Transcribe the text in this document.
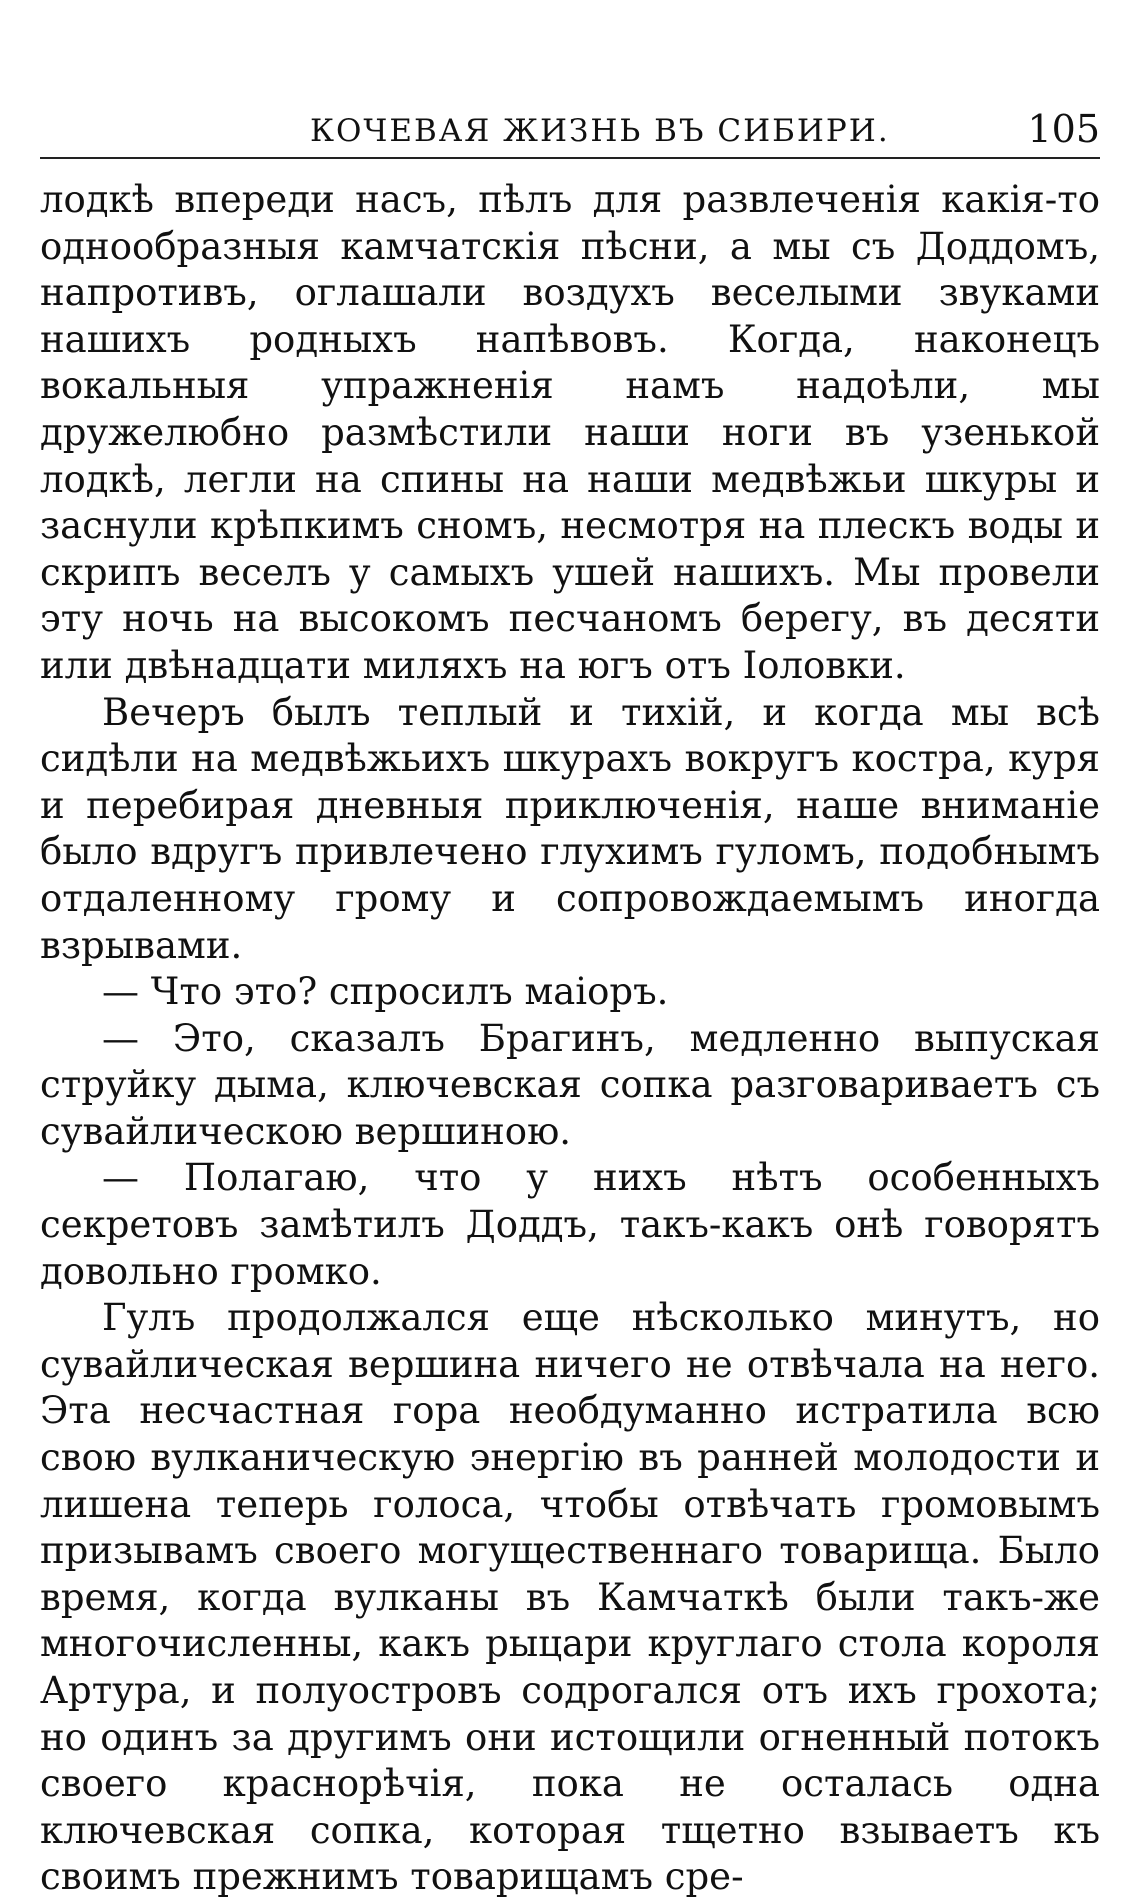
КОЧЕВАЯ ЖИЗНЬ ВЪ СИБИРИ.	105

лодкѣ впереди насъ, пѣлъ для развлеченія какія-то однообразныя камчатскія пѣсни, а мы съ Доддомъ, напротивъ, оглашали воздухъ веселыми звуками нашихъ родныхъ напѣвовъ. Когда, наконецъ вокальныя упражненія намъ надоѣли, мы дружелюбно размѣстили наши ноги въ узенькой лодкѣ, легли на спины на наши медвѣжьи шкуры и заснули крѣпкимъ сномъ, несмотря на плескъ воды и скрипъ веселъ у самыхъ ушей нашихъ. Мы провели эту ночь на высокомъ песчаномъ берегу, въ десяти или двѣнадцати миляхъ на югъ отъ Іоловки.

Вечеръ былъ теплый и тихій, и когда мы всѣ сидѣли на медвѣжьихъ шкурахъ вокругъ костра, куря и перебирая дневныя приключенія, наше вниманіе было вдругъ привлечено глухимъ гуломъ, подобнымъ отдаленному грому и сопровождаемымъ иногда взрывами.

— Что это? спросилъ маіоръ.

— Это, сказалъ Брагинъ, медленно выпуская струйку дыма, ключевская сопка разговариваетъ съ сувайлическою вершиною.

— Полагаю, что у нихъ нѣтъ особенныхъ секретовъ замѣтилъ Доддъ, такъ-какъ онѣ говорятъ довольно громко.

Гулъ продолжался еще нѣсколько минутъ, но сувайлическая вершина ничего не отвѣчала на него. Эта несчастная гора необдуманно истратила всю свою вулканическую энергію въ ранней молодости и лишена теперь голоса, чтобы отвѣчать громовымъ призывамъ своего могущественнаго товарища. Было время, когда вулканы въ Камчаткѣ были такъ-же многочисленны, какъ рыцари круглаго стола короля Артура, и полуостровъ содрогался отъ ихъ грохота; но одинъ за другимъ они истощили огненный потокъ своего краснорѣчія, пока не осталась одна ключевская сопка, которая тщетно взываетъ къ своимъ прежнимъ товарищамъ сре-
